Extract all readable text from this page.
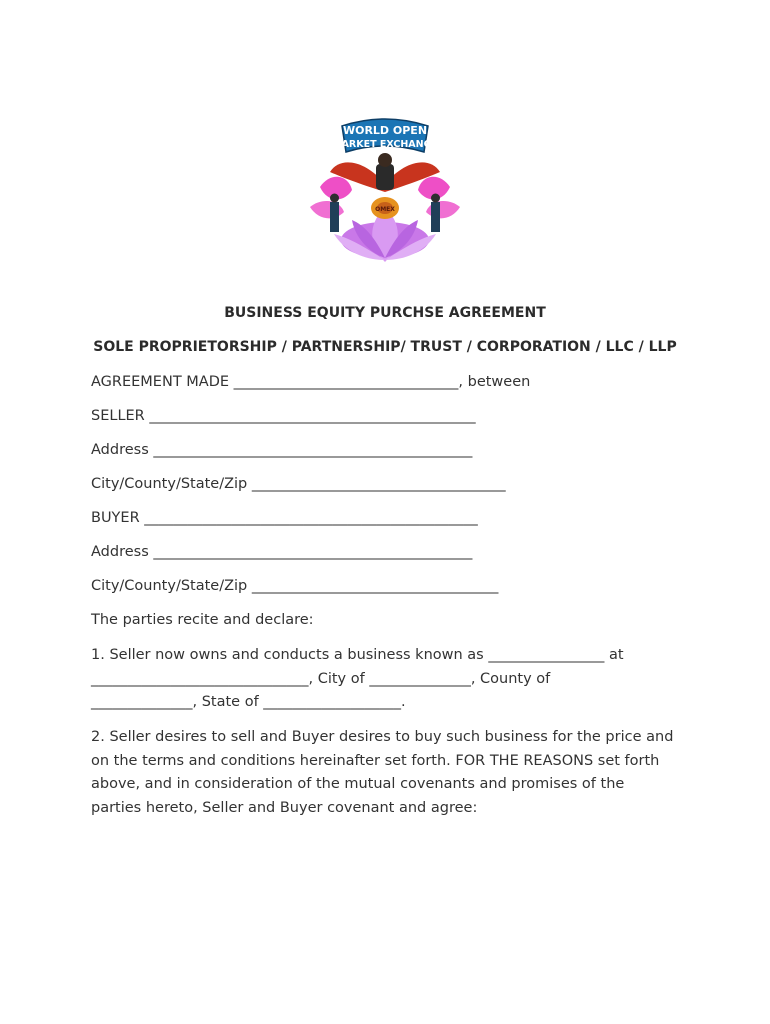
WORLD OPEN
MARKET EXCHANGE
OMEX
BUSINESS EQUITY PURCHSE AGREEMENT
SOLE PROPRIETORSHIP / PARTNERSHIP/ TRUST / CORPORATION / LLC / LLP
AGREEMENT MADE _______________________________, between
SELLER _____________________________________________
Address ____________________________________________
City/County/State/Zip ___________________________________
BUYER ______________________________________________
Address ____________________________________________
City/County/State/Zip __________________________________
The parties recite and declare:
1. Seller now owns and conducts a business known as ________________ at
______________________________, City of ______________, County of
______________, State of ___________________.
2. Seller desires to sell and Buyer desires to buy such business for the price and
on the terms and conditions hereinafter set forth. FOR THE REASONS set forth
above, and in consideration of the mutual covenants and promises of the
parties hereto, Seller and Buyer covenant and agree:
